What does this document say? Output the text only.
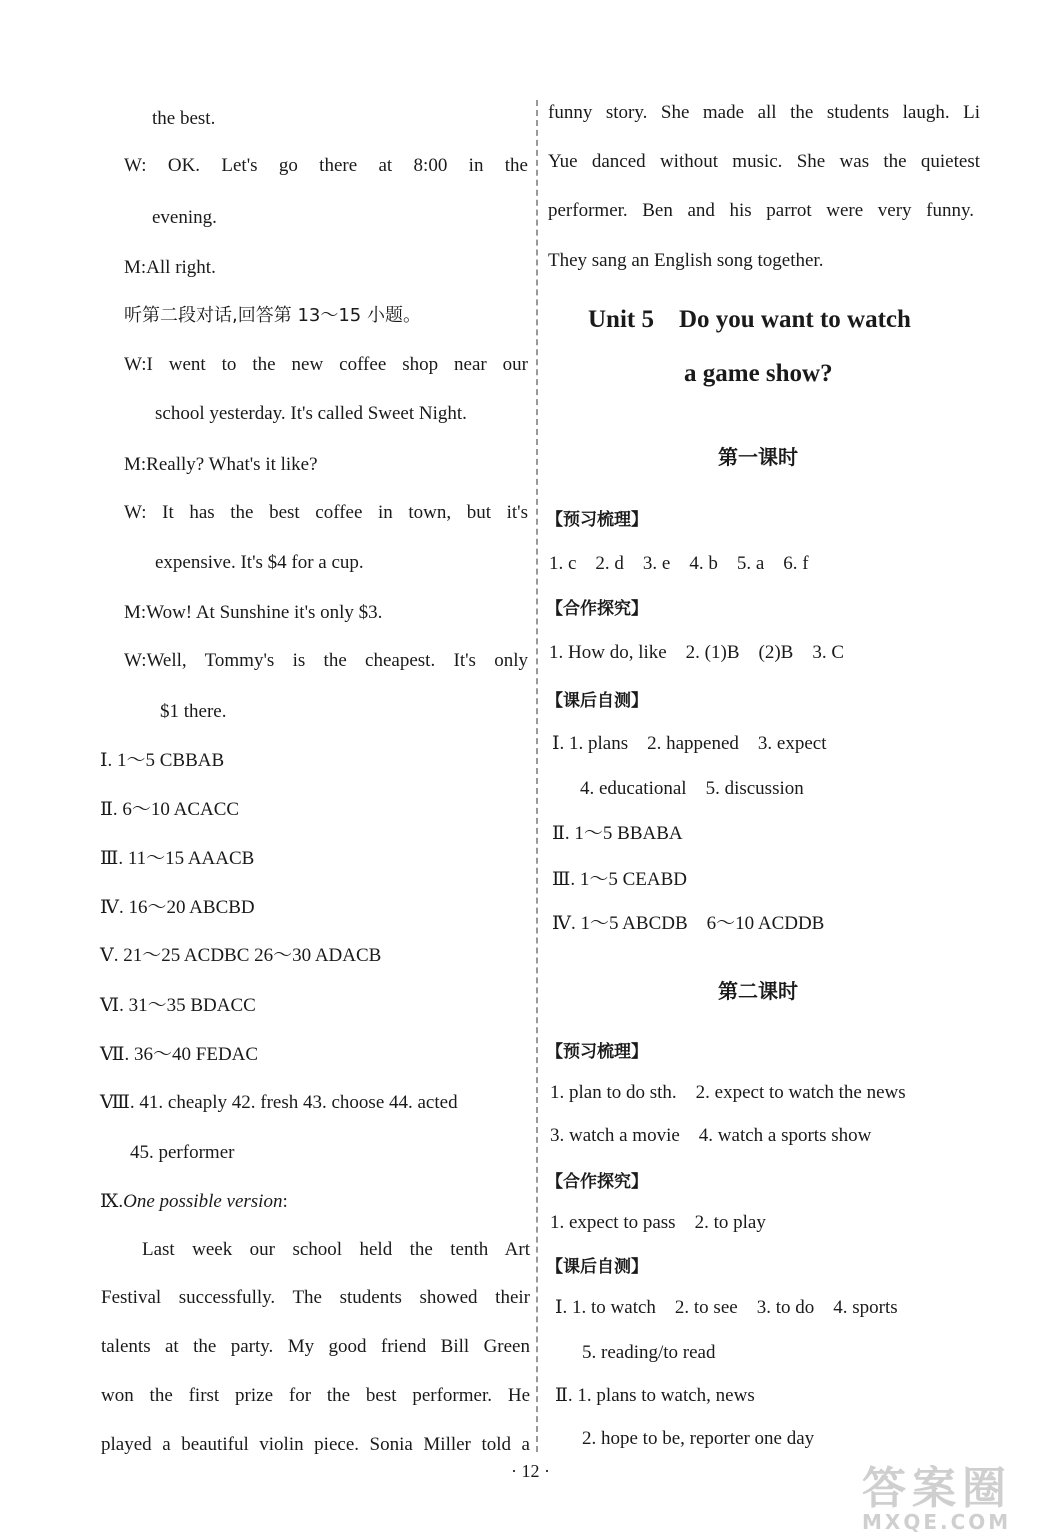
the best.
W: OK. Let's go there at 8:00 in the
evening.
M:All right.
听第二段对话,回答第 13～15 小题。
W:I went to the new coffee shop near our
school yesterday. It's called Sweet Night.
M:Really? What's it like?
W: It has the best coffee in town, but it's
expensive. It's $4 for a cup.
M:Wow! At Sunshine it's only $3.
W:Well, Tommy's is the cheapest. It's only
$1 there.
Ⅰ. 1～5 CBBAB
Ⅱ. 6～10 ACACC
Ⅲ. 11～15 AAACB
Ⅳ. 16～20 ABCBD
Ⅴ. 21～25 ACDBC 26～30 ADACB
Ⅵ. 31～35 BDACC
Ⅶ. 36～40 FEDAC
Ⅷ. 41. cheaply 42. fresh 43. choose 44. acted
45. performer
Ⅸ.One possible version:
Last week our school held the tenth Art
Festival successfully. The students showed their
talents at the party. My good friend Bill Green
won the first prize for the best performer. He
played a beautiful violin piece. Sonia Miller told a
funny story. She made all the students laugh. Li
Yue danced without music. She was the quietest
performer. Ben and his parrot were very funny.
They sang an English song together.
Unit 5    Do you want to watch
a game show?
第一课时
【预习梳理】
1. c    2. d    3. e    4. b    5. a    6. f
【合作探究】
1. How do, like    2. (1)B    (2)B    3. C
【课后自测】
Ⅰ. 1. plans    2. happened    3. expect
4. educational    5. discussion
Ⅱ. 1～5 BBABA
Ⅲ. 1～5 CEABD
Ⅳ. 1～5 ABCDB    6～10 ACDDB
第二课时
【预习梳理】
1. plan to do sth.    2. expect to watch the news
3. watch a movie    4. watch a sports show
【合作探究】
1. expect to pass    2. to play
【课后自测】
Ⅰ. 1. to watch    2. to see    3. to do    4. sports
5. reading/to read
Ⅱ. 1. plans to watch, news
2. hope to be, reporter one day
· 12 ·	答案圈
MXQE.COM
